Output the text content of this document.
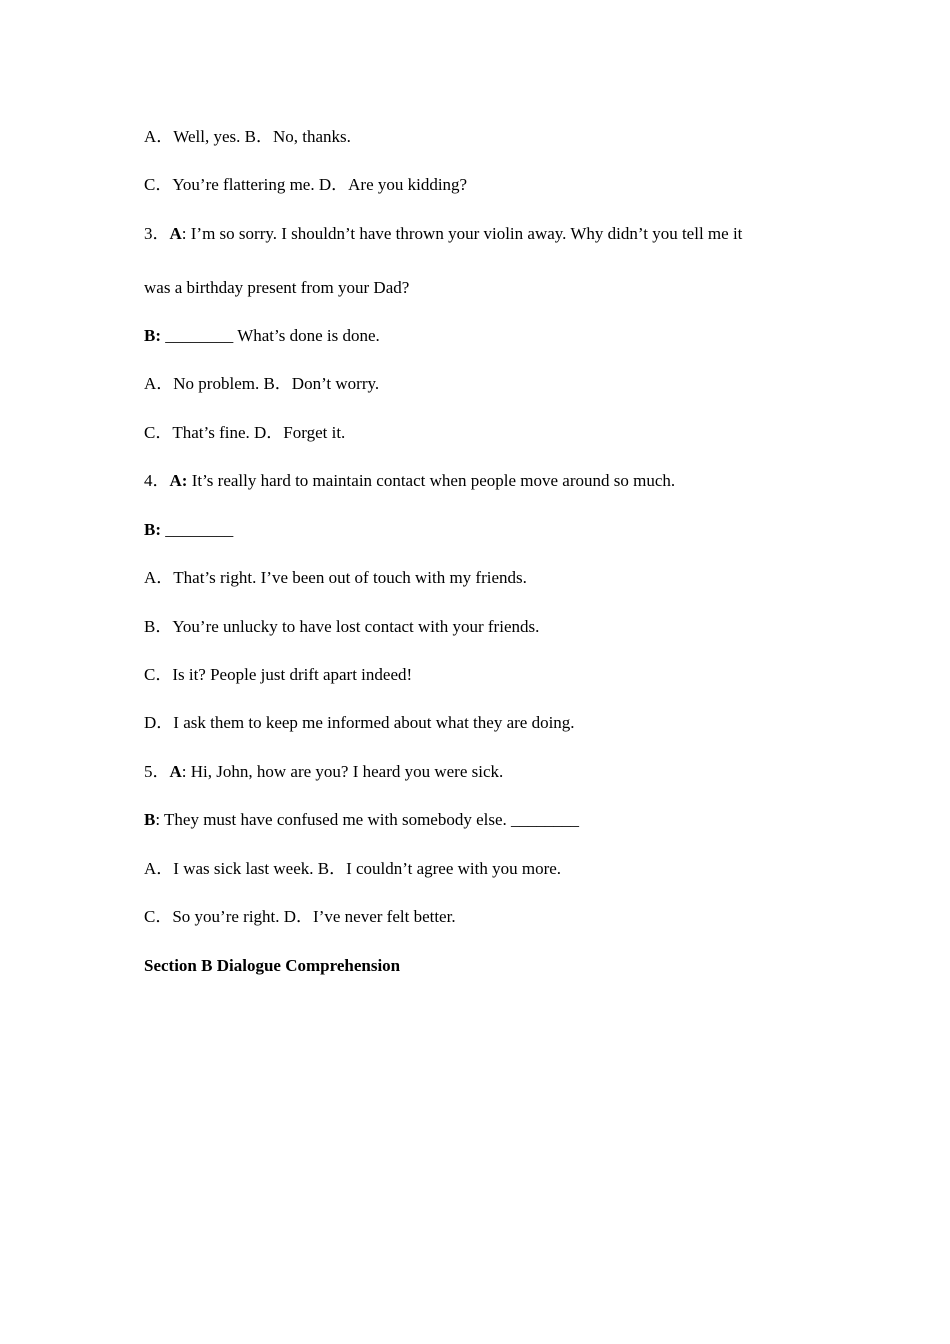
A．Well, yes. B．No, thanks.
C．You’re flattering me. D．Are you kidding?
3．A: I’m so sorry. I shouldn’t have thrown your violin away. Why didn’t you tell me it
was a birthday present from your Dad?
B: ________ What’s done is done.
A．No problem. B．Don’t worry.
C．That’s fine. D．Forget it.
4．A: It’s really hard to maintain contact when people move around so much.
B: ________
A．That’s right. I’ve been out of touch with my friends.
B．You’re unlucky to have lost contact with your friends.
C．Is it? People just drift apart indeed!
D．I ask them to keep me informed about what they are doing.
5．A: Hi, John, how are you? I heard you were sick.
B: They must have confused me with somebody else. ________
A．I was sick last week. B．I couldn’t agree with you more.
C．So you’re right. D．I’ve never felt better.
Section B Dialogue Comprehension
